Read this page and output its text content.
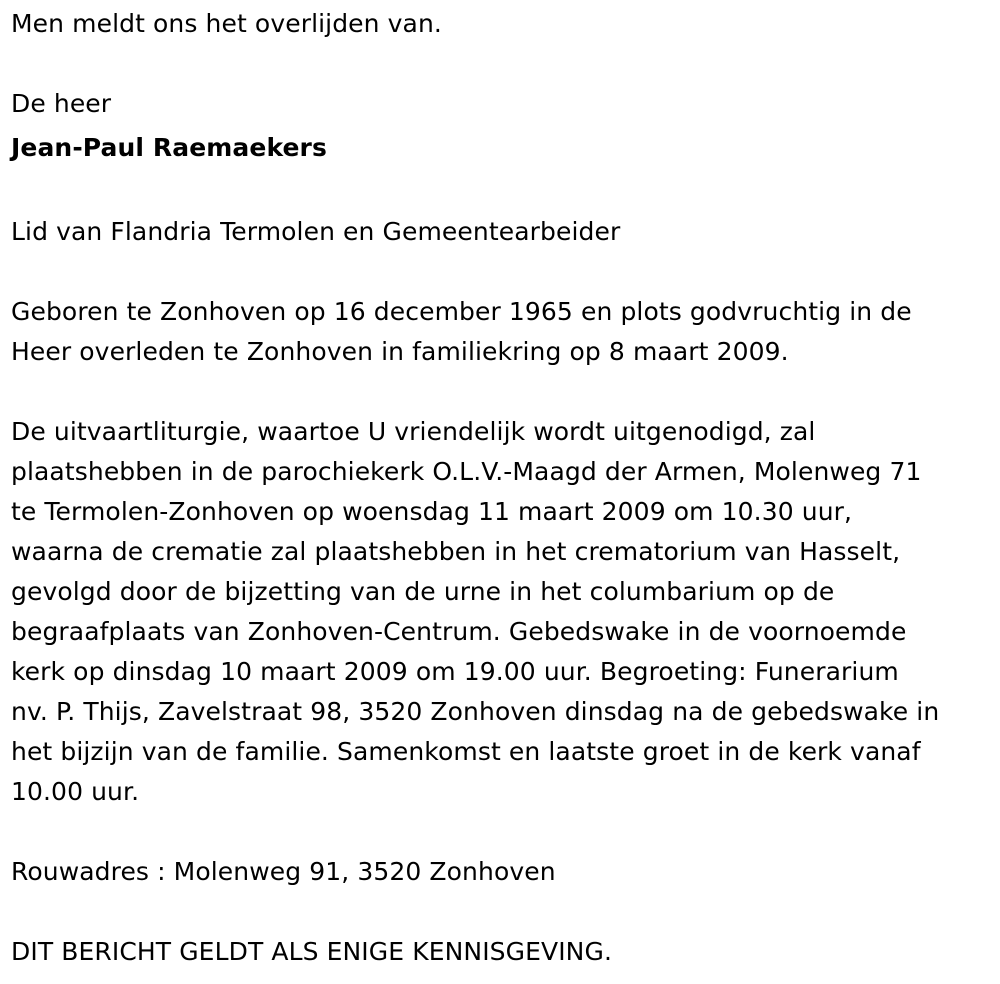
Men meldt ons het overlijden van.

De heer

Jean-Paul Raemaekers

Lid van Flandria Termolen en Gemeentearbeider

Geboren te Zonhoven op 16 december 1965 en plots godvruchtig in de

Heer overleden te Zonhoven in familiekring op 8 maart 2009.

De uitvaartliturgie, waartoe U vriendelijk wordt uitgenodigd, zal

plaatshebben in de parochiekerk O.L.V.-Maagd der Armen, Molenweg 71

te Termolen-Zonhoven op woensdag 11 maart 2009 om 10.30 uur,

waarna de crematie zal plaatshebben in het crematorium van Hasselt,

gevolgd door de bijzetting van de urne in het columbarium op de

begraafplaats van Zonhoven-Centrum. Gebedswake in de voornoemde

kerk op dinsdag 10 maart 2009 om 19.00 uur. Begroeting: Funerarium

nv. P. Thijs, Zavelstraat 98, 3520 Zonhoven dinsdag na de gebedswake in

het bijzijn van de familie. Samenkomst en laatste groet in de kerk vanaf

10.00 uur.

Rouwadres : Molenweg 91, 3520 Zonhoven

DIT BERICHT GELDT ALS ENIGE KENNISGEVING.
